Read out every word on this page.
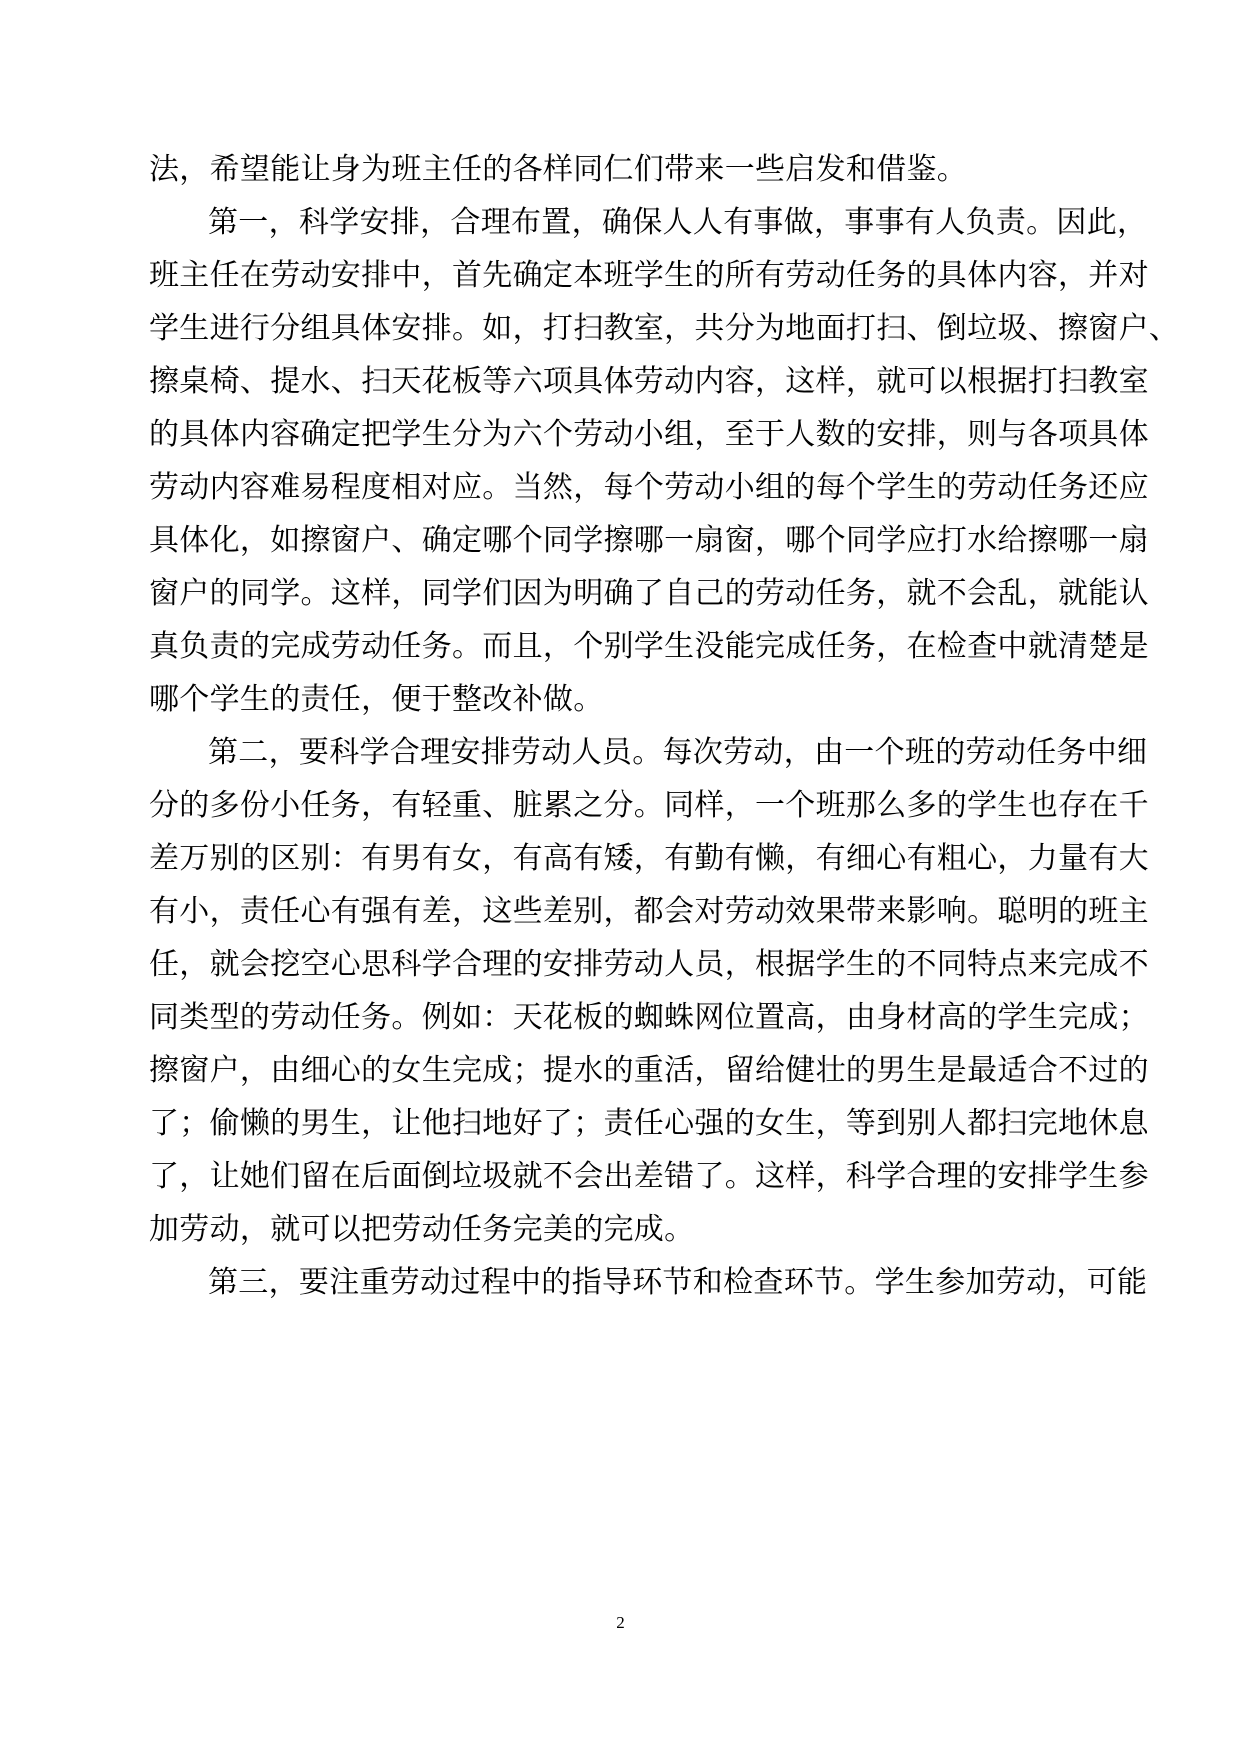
法，希望能让身为班主任的各样同仁们带来一些启发和借鉴。
第一，科学安排，合理布置，确保人人有事做，事事有人负责。因此，
班主任在劳动安排中，首先确定本班学生的所有劳动任务的具体内容，并对
学生进行分组具体安排。如，打扫教室，共分为地面打扫、倒垃圾、擦窗户、
擦桌椅、提水、扫天花板等六项具体劳动内容，这样，就可以根据打扫教室
的具体内容确定把学生分为六个劳动小组，至于人数的安排，则与各项具体
劳动内容难易程度相对应。当然，每个劳动小组的每个学生的劳动任务还应
具体化，如擦窗户、确定哪个同学擦哪一扇窗，哪个同学应打水给擦哪一扇
窗户的同学。这样，同学们因为明确了自己的劳动任务，就不会乱，就能认
真负责的完成劳动任务。而且，个别学生没能完成任务，在检查中就清楚是
哪个学生的责任，便于整改补做。
第二，要科学合理安排劳动人员。每次劳动，由一个班的劳动任务中细
分的多份小任务，有轻重、脏累之分。同样，一个班那么多的学生也存在千
差万别的区别：有男有女，有高有矮，有勤有懒，有细心有粗心，力量有大
有小，责任心有强有差，这些差别，都会对劳动效果带来影响。聪明的班主
任，就会挖空心思科学合理的安排劳动人员，根据学生的不同特点来完成不
同类型的劳动任务。例如：天花板的蜘蛛网位置高，由身材高的学生完成；
擦窗户，由细心的女生完成；提水的重活，留给健壮的男生是最适合不过的
了；偷懒的男生，让他扫地好了；责任心强的女生，等到别人都扫完地休息
了，让她们留在后面倒垃圾就不会出差错了。这样，科学合理的安排学生参
加劳动，就可以把劳动任务完美的完成。
第三，要注重劳动过程中的指导环节和检查环节。学生参加劳动，可能
2
